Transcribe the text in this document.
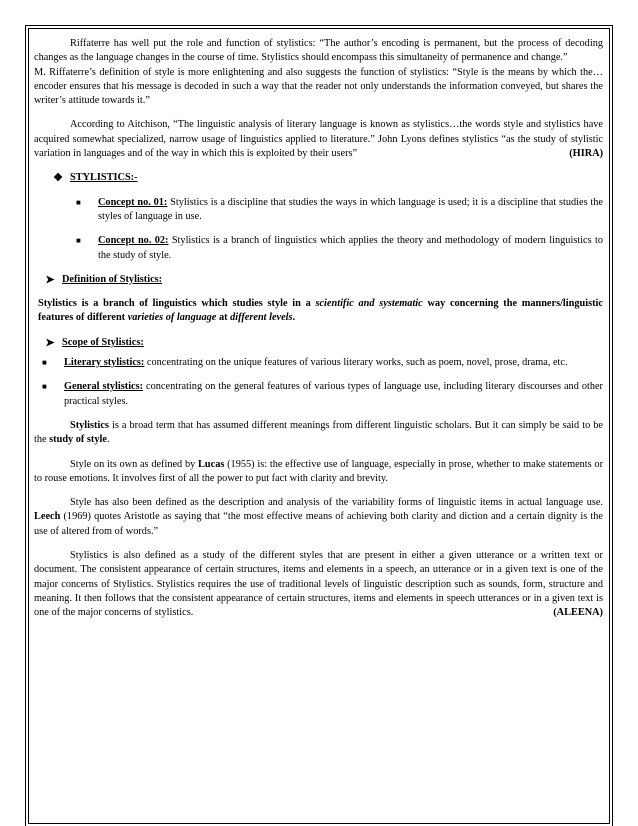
Riffaterre has well put the role and function of stylistics: “The author’s encoding is permanent, but the process of decoding changes as the language changes in the course of time. Stylistics should encompass this simultaneity of permanence and change.”

M. Riffaterre’s definition of style is more enlightening and also suggests the function of stylistics: “Style is the means by which the… encoder ensures that his message is decoded in such a way that the reader not only understands the information conveyed, but shares the writer’s attitude towards it.”

According to Aitchison, “The linguistic analysis of literary language is known as stylistics…the words style and stylistics have acquired somewhat specialized, narrow usage of linguistics applied to literature.” John Lyons defines stylistics “as the study of stylistic variation in languages and of the way in which this is exploited by their users”	(HIRA)

❖ STYLISTICS:-
■	Concept no. 01: Stylistics is a discipline that studies the ways in which language is used; it is a discipline that studies the styles of language in use.

■	Concept no. 02: Stylistics is a branch of linguistics which applies the theory and methodology of modern linguistics to the study of style.

➤ Definition of Stylistics:

Stylistics is a branch of linguistics which studies style in a scientific and systematic way concerning the manners/linguistic features of different varieties of language at different levels.

➤ Scope of Stylistics:
■	Literary stylistics: concentrating on the unique features of various literary works, such as poem, novel, prose, drama, etc.

■	General stylistics: concentrating on the general features of various types of language use, including literary discourses and other practical styles.

Stylistics is a broad term that has assumed different meanings from different linguistic scholars. But it can simply be said to be the study of style.

Style on its own as defined by Lucas (1955) is: the effective use of language, especially in prose, whether to make statements or to rouse emotions. It involves first of all the power to put fact with clarity and brevity.

Style has also been defined as the description and analysis of the variability forms of linguistic items in actual language use. Leech (1969) quotes Aristotle as saying that “the most effective means of achieving both clarity and diction and a certain dignity is the use of altered from of words.”

Stylistics is also defined as a study of the different styles that are present in either a given utterance or a written text or document. The consistent appearance of certain structures, items and elements in a speech, an utterance or in a given text is one of the major concerns of Stylistics. Stylistics requires the use of traditional levels of linguistic description such as sounds, form, structure and meaning. It then follows that the consistent appearance of certain structures, items and elements in speech utterances or in a given text is one of the major concerns of stylistics.	(ALEENA)
